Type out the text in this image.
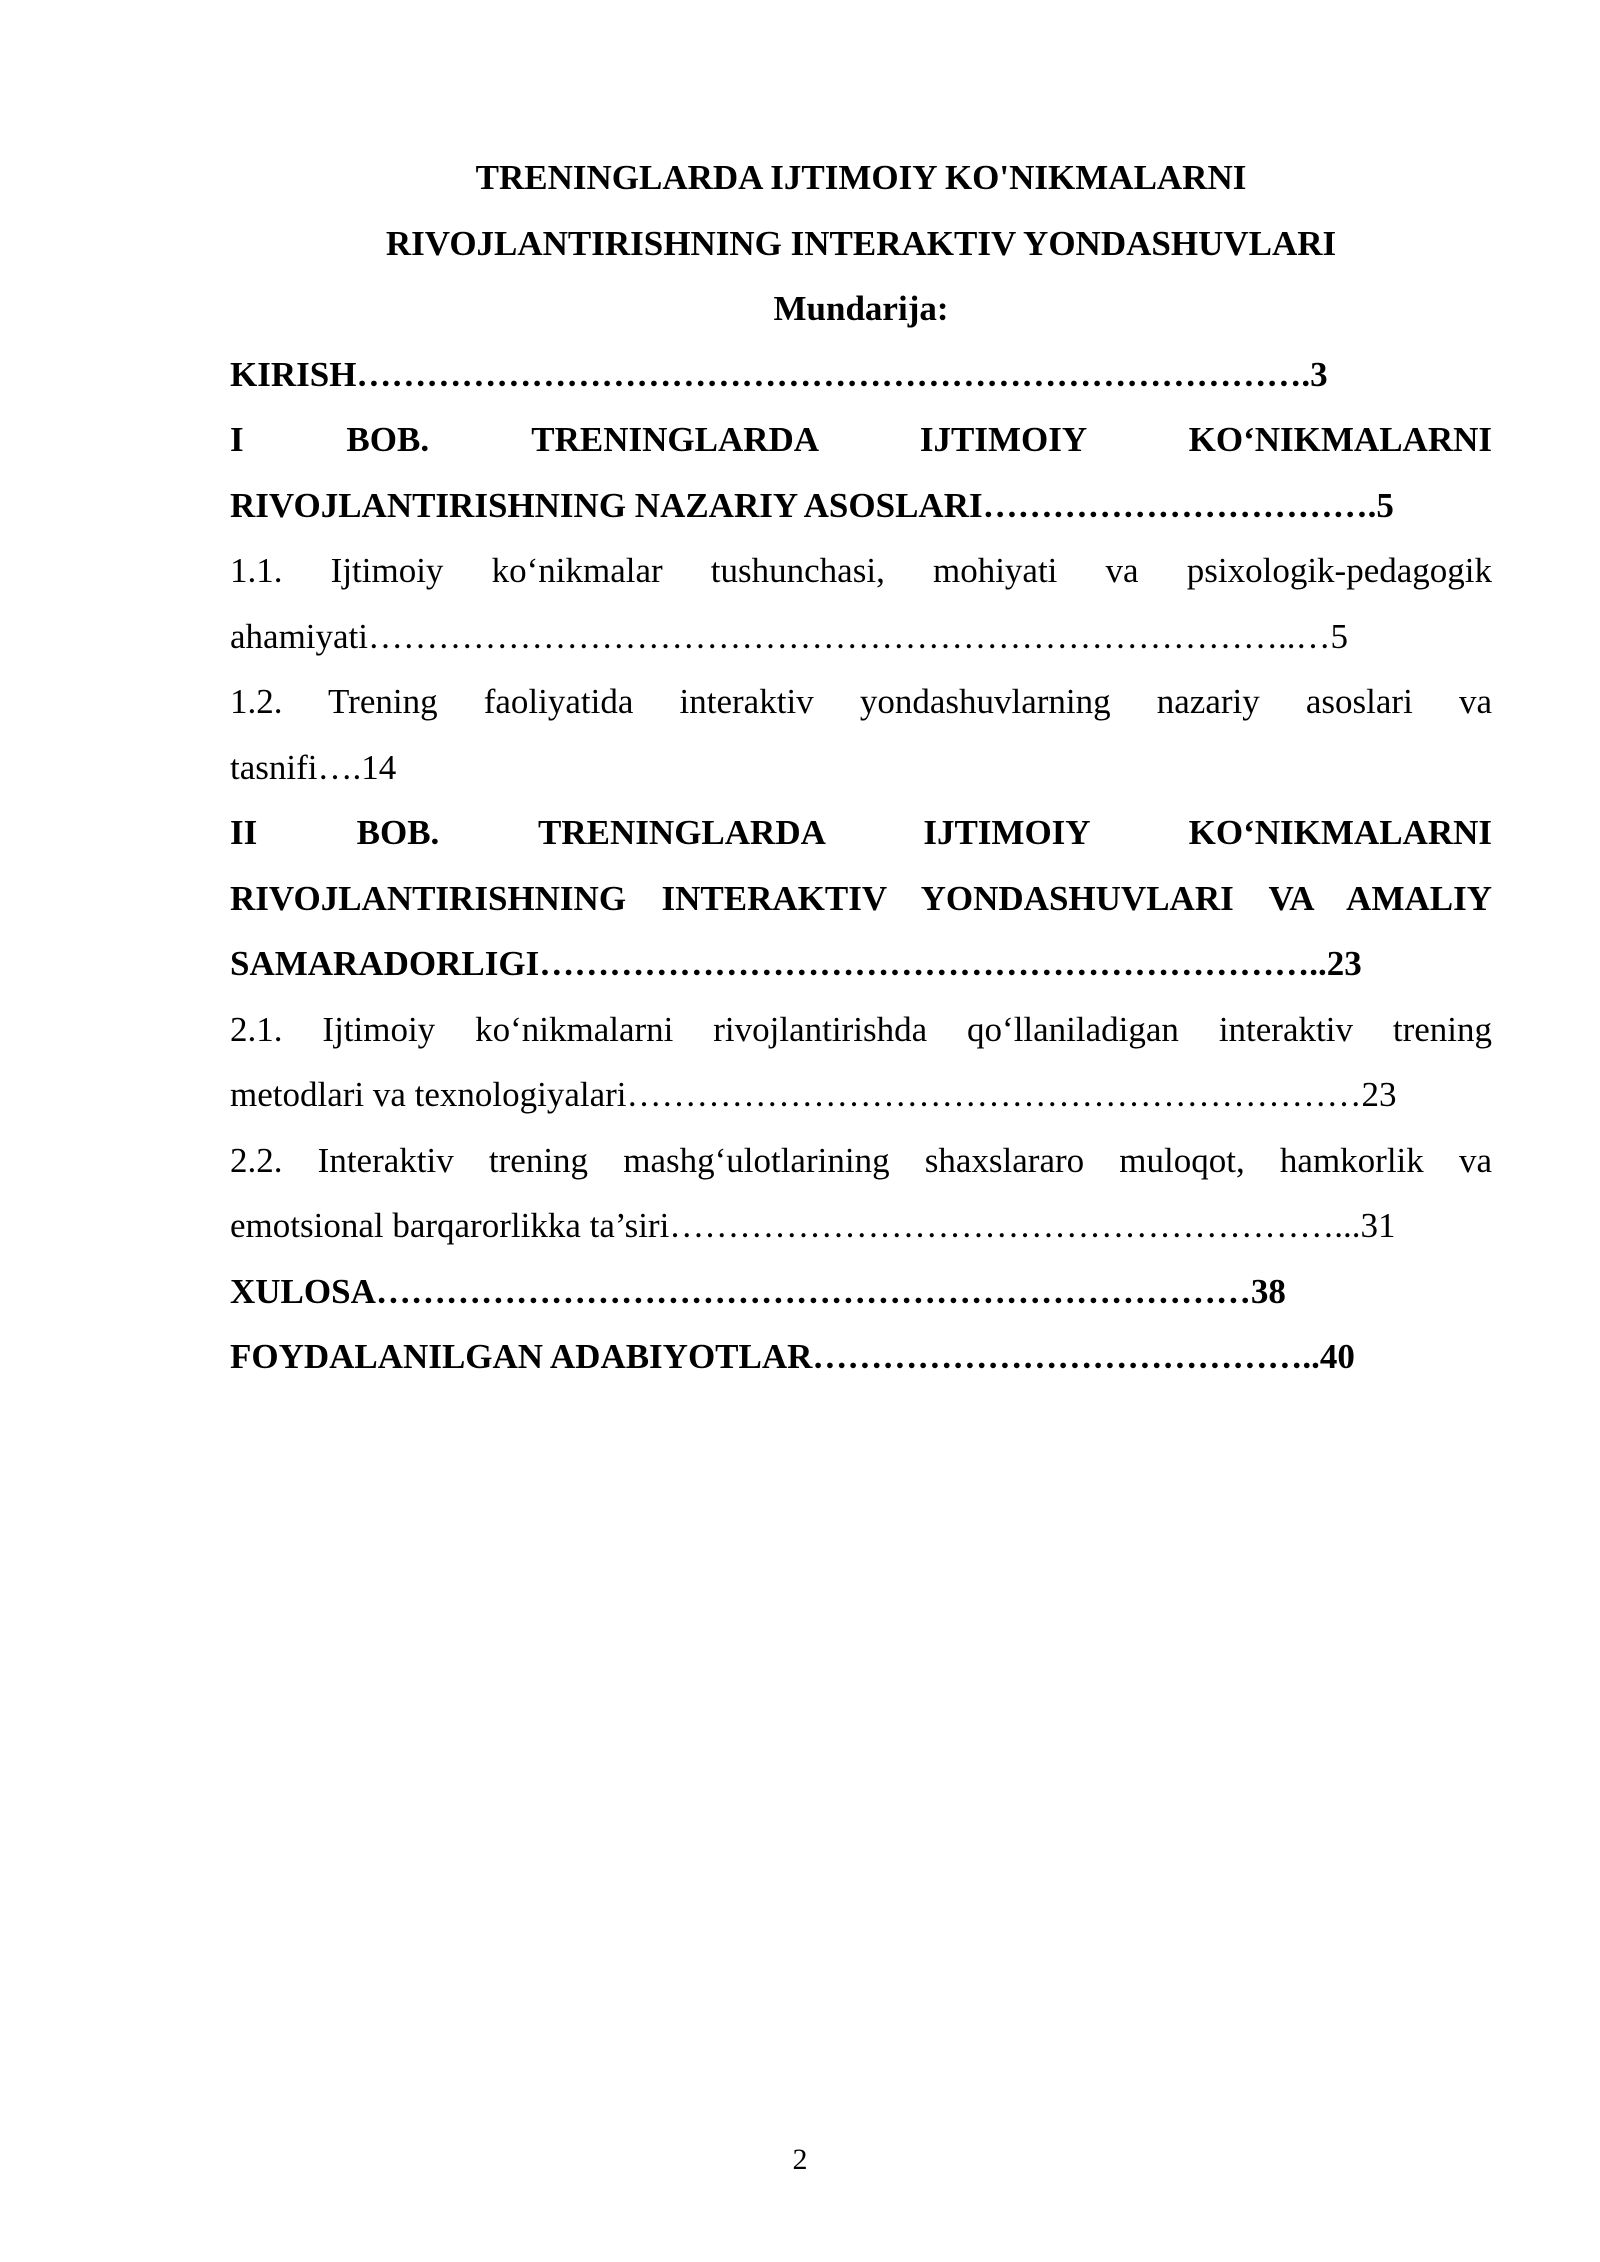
TRENINGLARDA IJTIMOIY KO'NIKMALARNI
RIVOJLANTIRISHNING INTERAKTIV YONDASHUVLARI
Mundarija:
KIRISH……………………………………………………………………….3
I BOB. TRENINGLARDA IJTIMOIY KO‘NIKMALARNI
RIVOJLANTIRISHNING NAZARIY ASOSLARI…………………………….5
1.1. Ijtimoiy ko‘nikmalar tushunchasi, mohiyati va psixologik-pedagogik
ahamiyati……………………………………………………………………..…5
1.2. Trening faoliyatida interaktiv yondashuvlarning nazariy asoslari va
tasnifi….14
II BOB. TRENINGLARDA IJTIMOIY KO‘NIKMALARNI
RIVOJLANTIRISHNING INTERAKTIV YONDASHUVLARI VA AMALIY
SAMARADORLIGI…………………………………………………………..23
2.1. Ijtimoiy ko‘nikmalarni rivojlantirishda qo‘llaniladigan interaktiv trening
metodlari va texnologiyalari………………………………………………………23
2.2. Interaktiv trening mashg‘ulotlarining shaxslararo muloqot, hamkorlik va
emotsional barqarorlikka ta’siri…………………………………………………...31
XULOSA…………………………………………………………………38
FOYDALANILGAN ADABIYOTLAR……………………………………..40
2
